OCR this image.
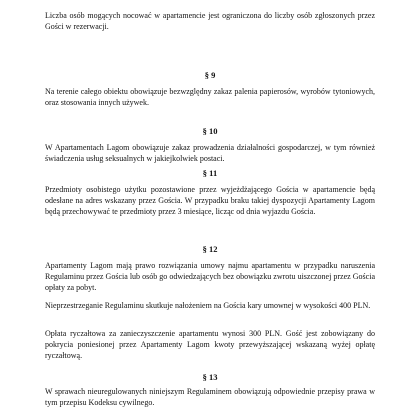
Liczba osób mogących nocować w apartamencie jest ograniczona do liczby osób zgłoszonych przez Gości w rezerwacji.

§ 9

Na terenie całego obiektu obowiązuje bezwzględny zakaz palenia papierosów, wyrobów tytoniowych, oraz stosowania innych używek.

§ 10

W Apartamentach Lagom obowiązuje zakaz prowadzenia działalności gospodarczej, w tym również świadczenia usług seksualnych w jakiejkolwiek postaci.

§ 11

Przedmioty osobistego użytku pozostawione przez wyjeżdżającego Gościa w apartamencie będą odesłane na adres wskazany przez Gościa. W przypadku braku takiej dyspozycji Apartamenty Lagom będą przechowywać te przedmioty przez 3 miesiące, licząc od dnia wyjazdu Gościa.

§ 12

Apartamenty Lagom mają prawo rozwiązania umowy najmu apartamentu w przypadku naruszenia Regulaminu przez Gościa lub osób go odwiedzających bez obowiązku zwrotu uiszczonej przez Gościa opłaty za pobyt.

Nieprzestrzeganie Regulaminu skutkuje nałożeniem na Gościa kary umownej w wysokości 400 PLN.

Opłata ryczałtowa za zanieczyszczenie apartamentu wynosi 300 PLN. Gość jest zobowiązany do pokrycia poniesionej przez Apartamenty Lagom kwoty przewyższającej wskazaną wyżej opłatę ryczałtową.

§ 13

W sprawach nieuregulowanych niniejszym Regulaminem obowiązują odpowiednie przepisy prawa w tym przepisu Kodeksu cywilnego.
